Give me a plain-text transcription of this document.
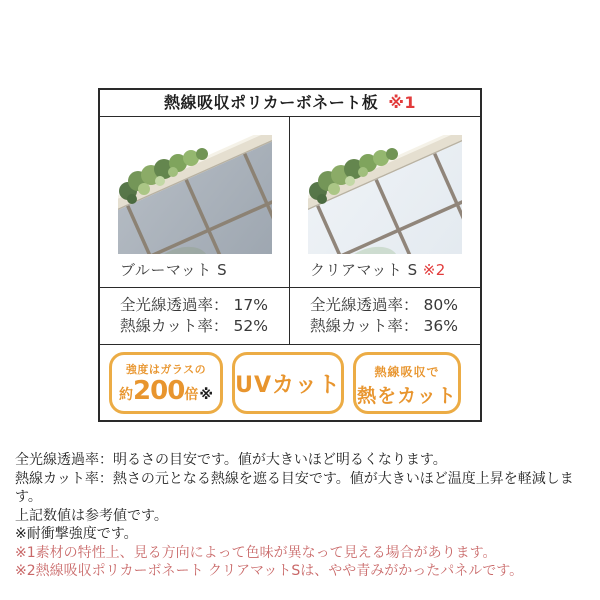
熱線吸収ポリカーボネート板 ※1
ブルーマット S
全光線透過率： 17%
熱線カット率： 52%
クリアマット S ※2
全光線透過率： 80%
熱線カット率： 36%
強度はガラスの
約200倍※	UVカット
熱線吸収で
熱をカット
全光線透過率：明るさの目安です。値が大きいほど明るくなります。
熱線カット率：熱さの元となる熱線を遮る目安です。値が大きいほど温度上昇を軽減します。
上記数値は参考値です。
※耐衝撃強度です。
※1素材の特性上、見る方向によって色味が異なって見える場合があります。
※2熱線吸収ポリカーボネート クリアマットSは、やや青みがかったパネルです。
